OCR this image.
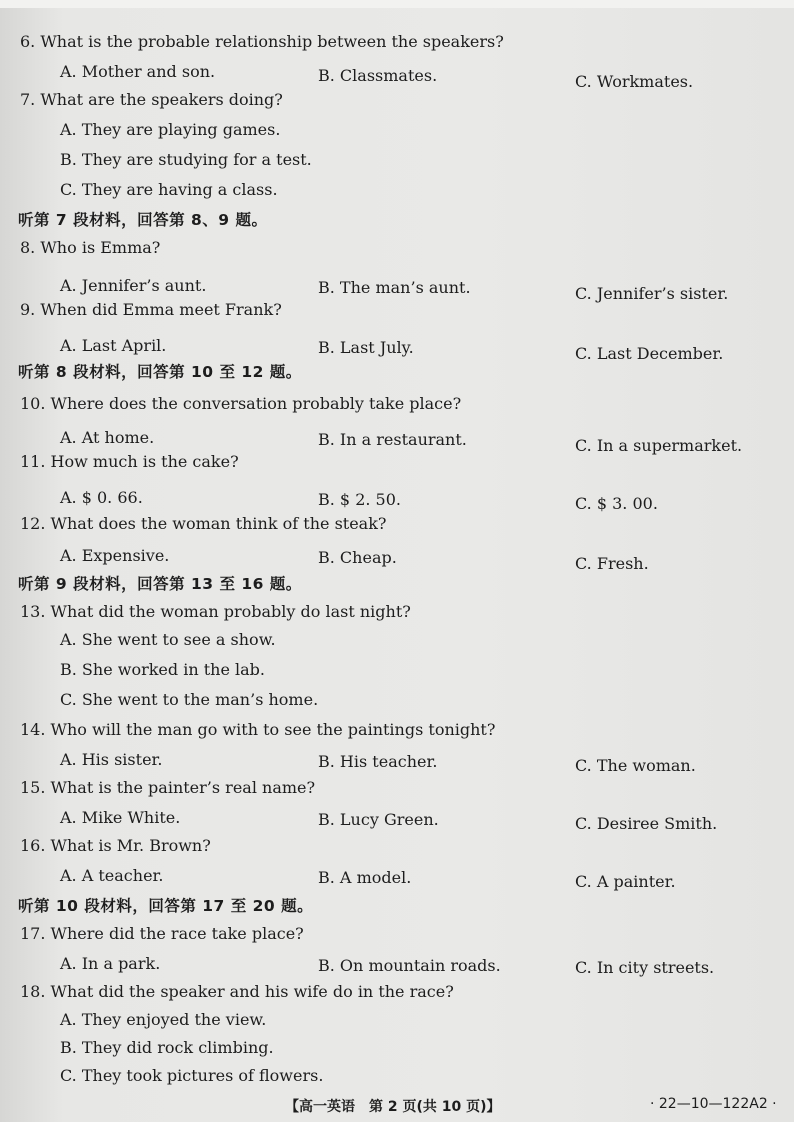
6. What is the probable relationship between the speakers?
A. Mother and son.	B. Classmates.	C. Workmates.
7. What are the speakers doing?
A. They are playing games.
B. They are studying for a test.
C. They are having a class.
听第 7 段材料，回答第 8、9 题。
8. Who is Emma?
A. Jennifer’s aunt.	B. The man’s aunt.	C. Jennifer’s sister.
9. When did Emma meet Frank?
A. Last April.	B. Last July.	C. Last December.
听第 8 段材料，回答第 10 至 12 题。
10. Where does the conversation probably take place?
A. At home.	B. In a restaurant.	C. In a supermarket.
11. How much is the cake?
A. $ 0. 66.	B. $ 2. 50.	C. $ 3. 00.
12. What does the woman think of the steak?
A. Expensive.	B. Cheap.	C. Fresh.
听第 9 段材料，回答第 13 至 16 题。
13. What did the woman probably do last night?
A. She went to see a show.
B. She worked in the lab.
C. She went to the man’s home.
14. Who will the man go with to see the paintings tonight?
A. His sister.	B. His teacher.	C. The woman.
15. What is the painter’s real name?
A. Mike White.	B. Lucy Green.	C. Desiree Smith.
16. What is Mr. Brown?
A. A teacher.	B. A model.	C. A painter.
听第 10 段材料，回答第 17 至 20 题。
17. Where did the race take place?
A. In a park.	B. On mountain roads.	C. In city streets.
18. What did the speaker and his wife do in the race?
A. They enjoyed the view.
B. They did rock climbing.
C. They took pictures of flowers.
【高一英语　第 2 页(共 10 页)】	· 22—10—122A2 ·
